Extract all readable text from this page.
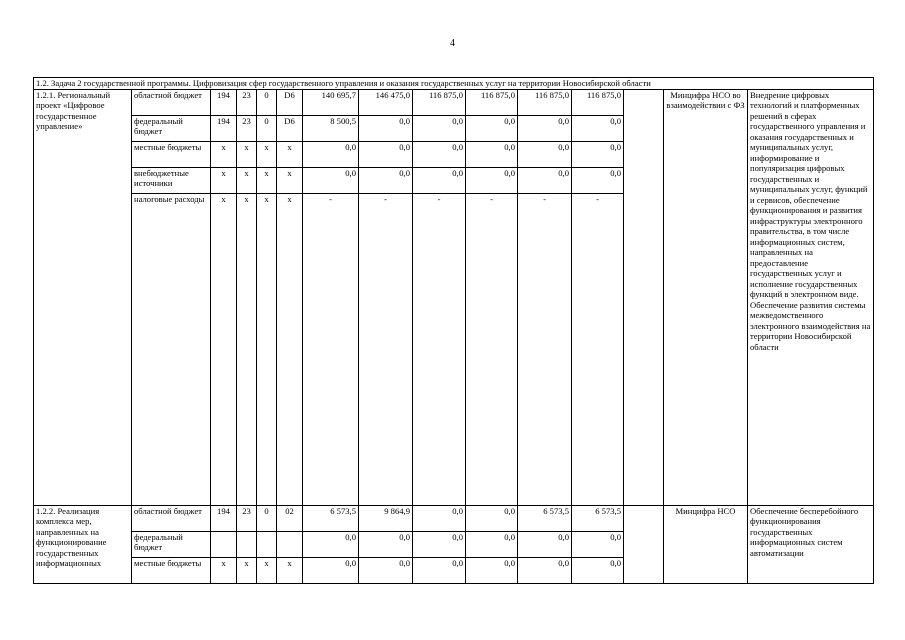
4
1.2. Задача 2 государственной программы. Цифровизация сфер государственного управления и оказания государственных услуг на территории Новосибирской области														
1.2.1. Региональный проект «Цифровое государственное управление»	областной бюджет	194	23	0	D6	140 695,7	146 475,0	116 875,0	116 875,0	116 875,0	116 875,0		Минцифра НСО во взаимодействии с ФЗ	Внедрение цифровых технологий и платформенных решений в сферах государственного управления и оказания государственных и муниципальных услуг, информирование и популяризация цифровых государственных и муниципальных услуг, функций и сервисов, обеспечение функционирования и развития инфраструктуры электронного правительства, в том числе информационных систем, направленных на предоставление государственных услуг и исполнение государственных функций в электронном виде. Обеспечение развития системы межведомственного электронного взаимодействия на территории Новосибирской области
	федеральный бюджет	194	23	0	D6	8 500,5	0,0	0,0	0,0	0,0	0,0			
	местные бюджеты	x	x	x	x	0,0	0,0	0,0	0,0	0,0	0,0			
	внебюджетные источники	x	x	x	x	0,0	0,0	0,0	0,0	0,0	0,0			
	налоговые расходы	x	x	x	x	-	-	-	-	-	-			
1.2.2. Реализация комплекса мер, направленных на функционирование государственных информационных	областной бюджет	194	23	0	02	6 573,5	9 864,9	0,0	0,0	6 573,5	6 573,5		Минцифра НСО	Обеспечение бесперебойного функционирования государственных информационных систем автоматизации
	федеральный бюджет					0,0	0,0	0,0	0,0	0,0	0,0			
	местные бюджеты	x	x	x	x	0,0	0,0	0,0	0,0	0,0	0,0			
